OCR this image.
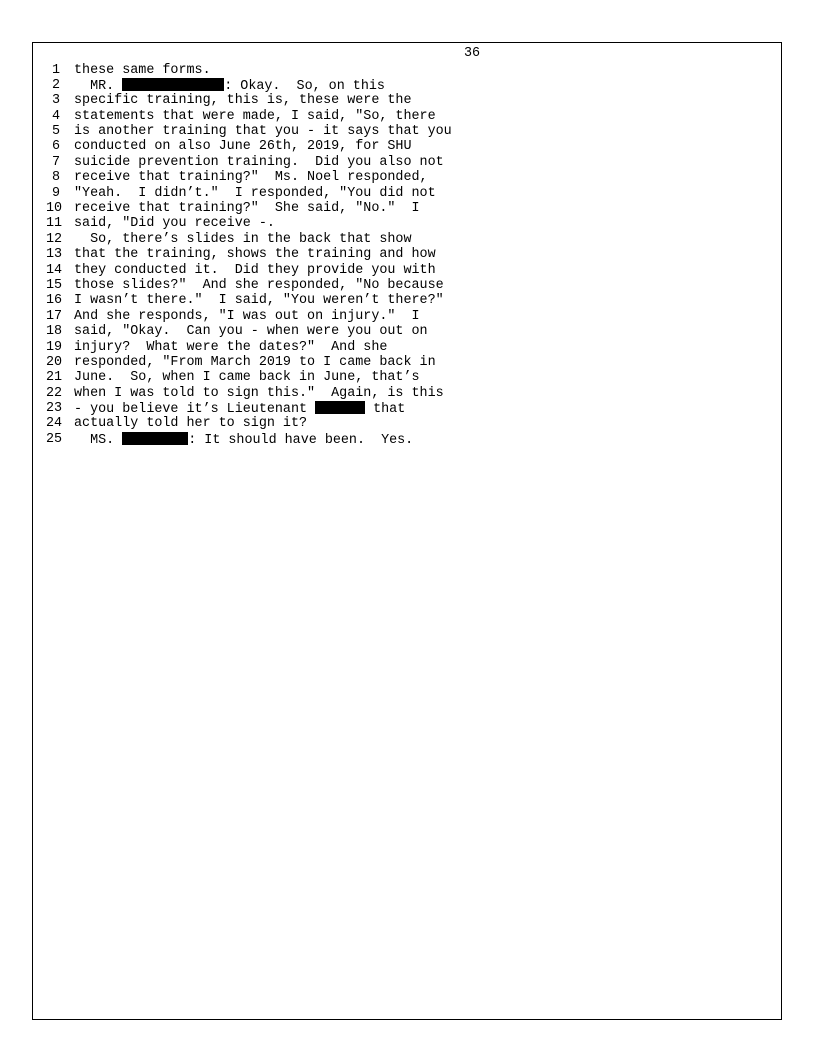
36
1 these same forms.
2 MR.	: Okay.  So, on this
3 specific training, this is, these were the
4 statements that were made, I said, "So, there
5 is another training that you - it says that you
6 conducted on also June 26th, 2019, for SHU
7 suicide prevention training.  Did you also not
8 receive that training?"  Ms. Noel responded,
9 "Yeah.  I didn’t."  I responded, "You did not
10 receive that training?"  She said, "No."  I
11 said, "Did you receive -.
12 So, there’s slides in the back that show
13 that the training, shows the training and how
14 they conducted it.  Did they provide you with
15 those slides?"  And she responded, "No because
16 I wasn’t there."  I said, "You weren’t there?"
17 And she responds, "I was out on injury."  I
18 said, "Okay.  Can you - when were you out on
19 injury?  What were the dates?"  And she
20 responded, "From March 2019 to I came back in
21 June.  So, when I came back in June, that’s
22 when I was told to sign this."  Again, is this
23 - you believe it’s Lieutenant	that
24 actually told her to sign it?
25 MS.	: It should have been.  Yes.
